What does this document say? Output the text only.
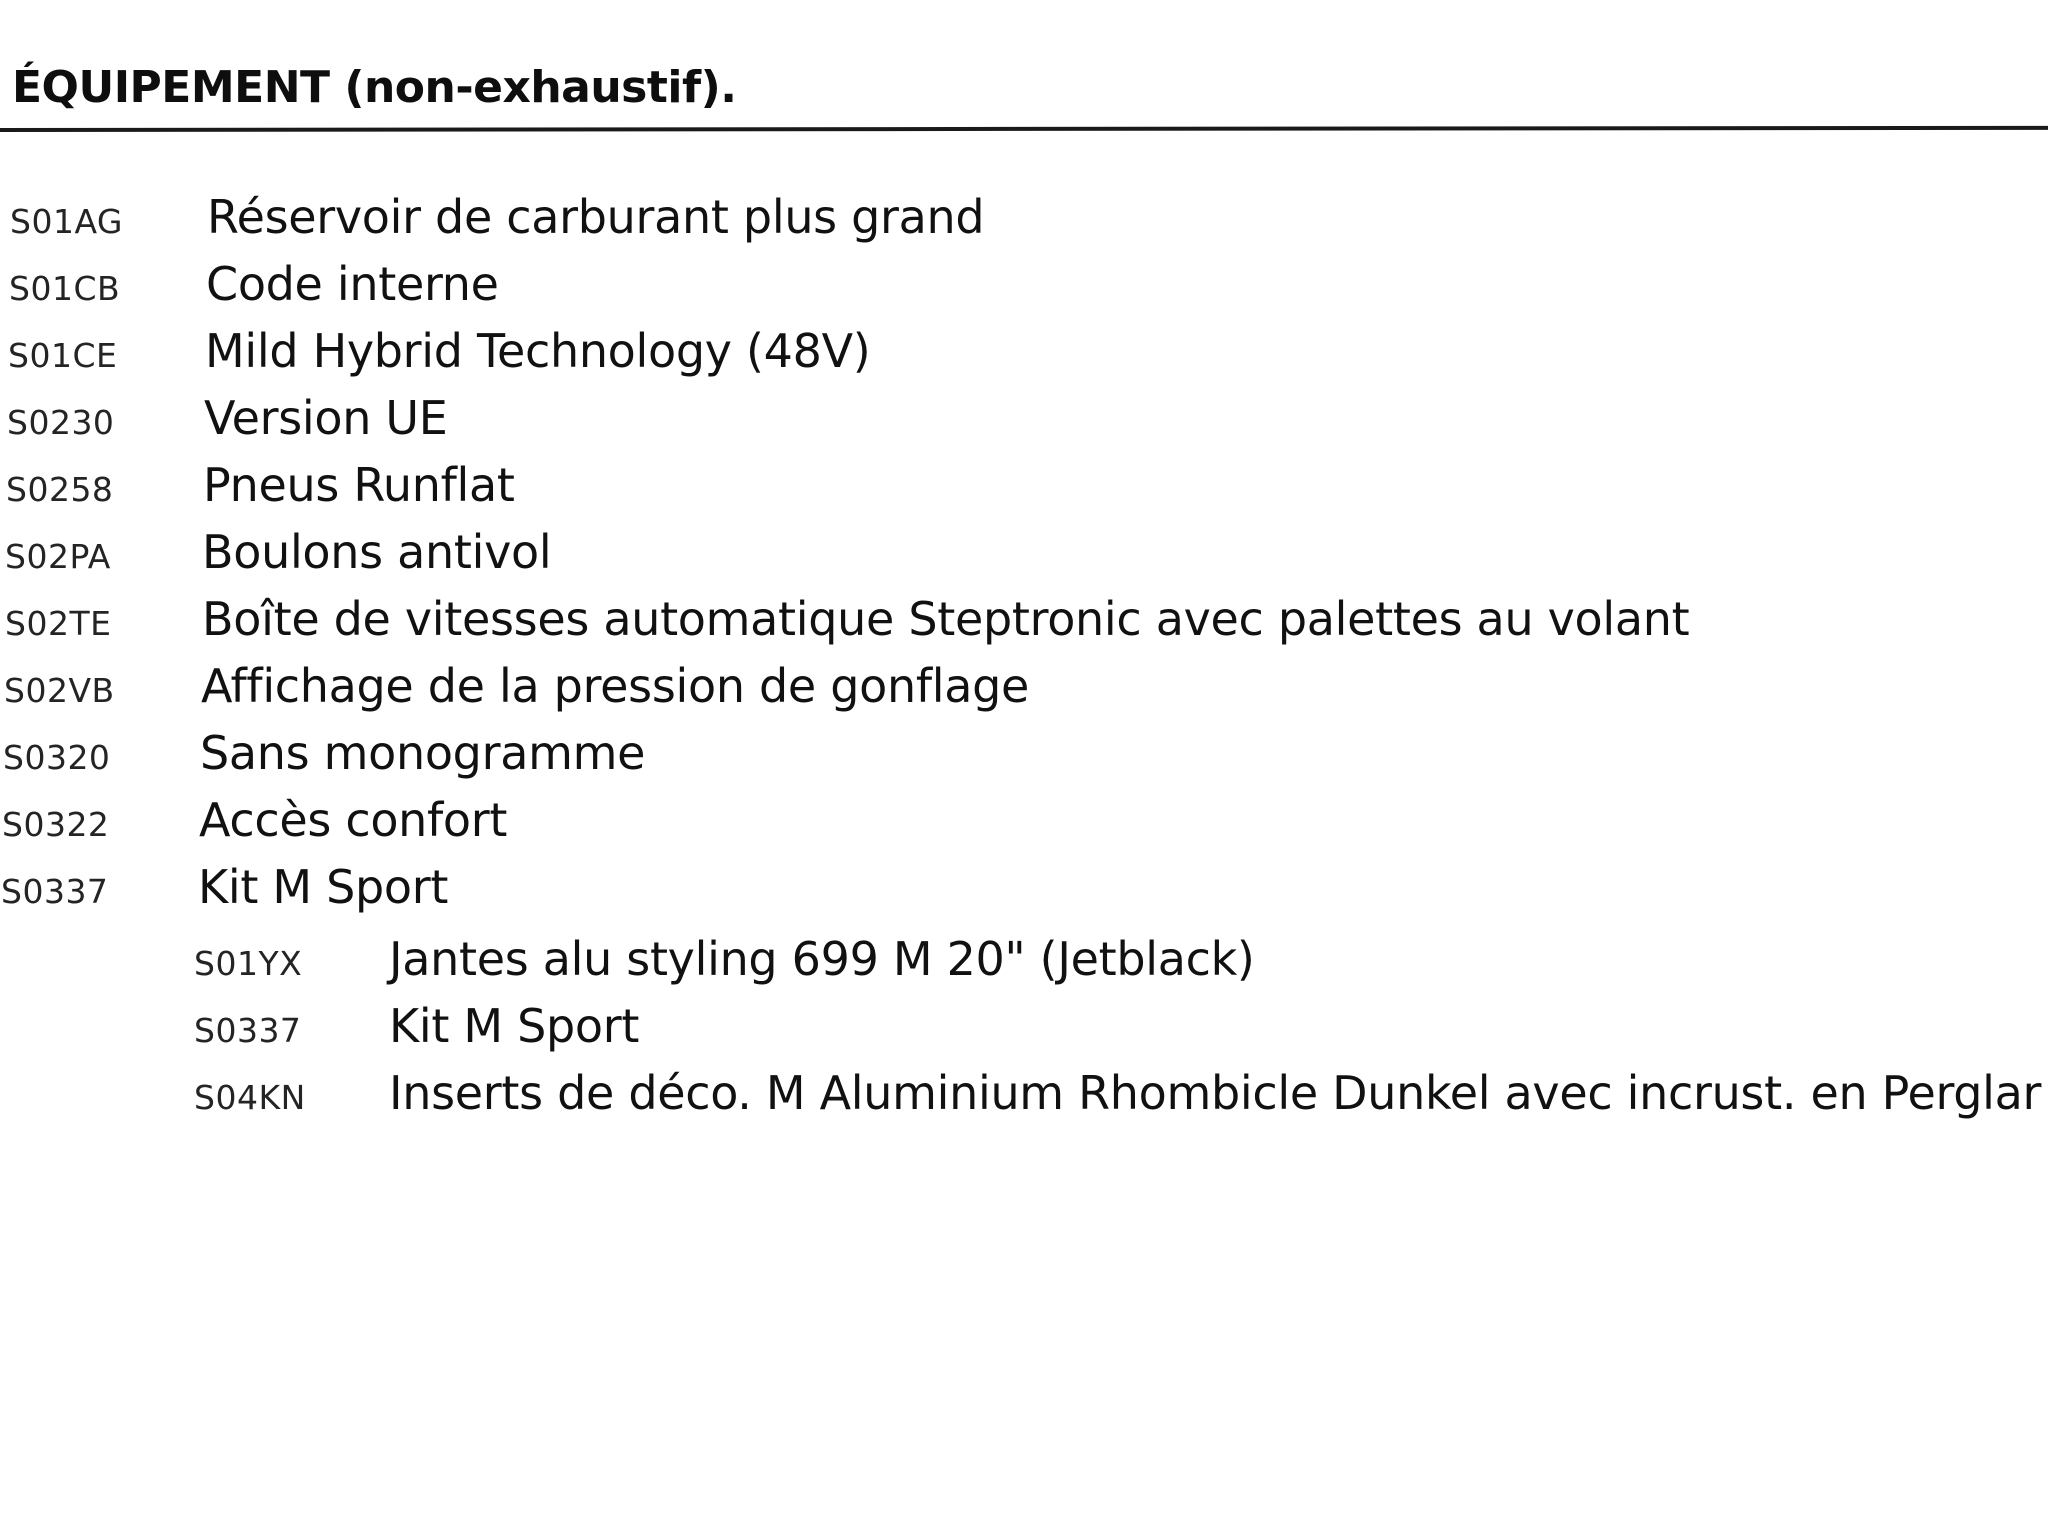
ÉQUIPEMENT (non-exhaustif).
S01AG	Réservoir de carburant plus grand
S01CB	Code interne
S01CE	Mild Hybrid Technology (48V)
S0230	Version UE
S0258	Pneus Runflat
S02PA	Boulons antivol
S02TE	Boîte de vitesses automatique Steptronic avec palettes au volant
S02VB	Affichage de la pression de gonflage
S0320	Sans monogramme
S0322	Accès confort
S0337	Kit M Sport
S01YX	Jantes alu styling 699 M 20" (Jetblack)
S0337	Kit M Sport
S04KN	Inserts de déco. M Aluminium Rhombicle Dunkel avec incrust. en Perglar
